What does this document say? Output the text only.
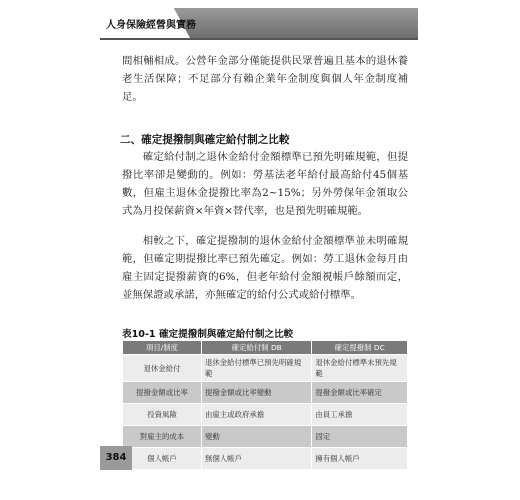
人身保險經營與實務
間相輔相成。公營年金部分僅能提供民眾普遍且基本的退休養老生活保障；不足部分有賴企業年金制度與個人年金制度補足。
二、確定提撥制與確定給付制之比較
確定給付制之退休金給付金額標準已預先明確規範，但提撥比率卻是變動的。例如：勞基法老年給付最高給付45個基數，但雇主退休金提撥比率為2~15%；另外勞保年金領取公式為月投保薪資×年資×替代率，也是預先明確規範。
相較之下，確定提撥制的退休金給付金額標準並未明確規範，但確定期提撥比率已預先確定。例如：勞工退休金每月由雇主固定提撥薪資的6%，但老年給付金額視帳戶餘額而定，並無保證或承諾，亦無確定的給付公式或給付標準。
表10-1 確定提撥制與確定給付制之比較
項目/制度	確定給付制 DB	確定提撥制 DC
退休金給付	退休金給付標準已預先明確規範	退休金給付標準未預先規範
提撥金額或比率	提撥金額或比率變動	提撥金額或比率確定
投資風險	由雇主或政府承擔	由員工承擔
對雇主的成本	變動	固定
個人帳戶	無個人帳戶	擁有個人帳戶
384
